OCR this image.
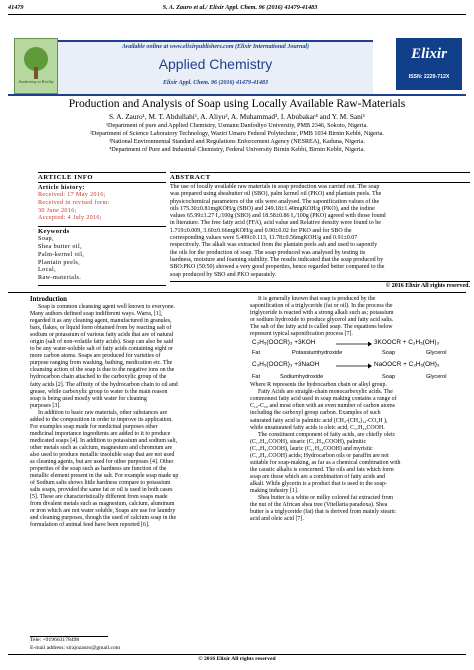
41479	S. A. Zauro et al./ Elixir Appl. Chem. 96 (2016) 41479-41483
Awakening to Reality
Available online at www.elixirpublishers.com (Elixir International Journal)
Applied Chemistry
Elixir Appl. Chem. 96 (2016) 41479-41483
Elixir
ISSN: 2229-712X
Production and Analysis of Soap using Locally Available Raw-Materials
S. A. Zauro¹, M. T. Abdullahi¹, A. Aliyu², A. Muhammad³, I. Abubakar⁴ and Y. M. Sani¹
¹Department of pure and Applied Chemistry, Usmanu Danfodiyo University, PMB 2346, Sokoto, Nigeria.
²Department of Science Laboratory Technology, Waziri Umaru Federal Polytechnic, PMB 1034 Birnin Kebbi, Nigeria.
³National Environmental Standard and Regulations Enforcement Agency (NESREA), Kaduna, Nigeria.
⁴Department of Pure and Industrial Chemistry, Federal University Birnin Kebbi, Birnin Kebbi, Nigeria.
ARTICLE INFO
Article history:
Received: 17 May 2016;
Received in revised form:
30 June 2016;
Accepted: 4 July 2016;
Keywords
Soap,
Shea butter oil,
Palm-kernel oil,
Plantain peels,
Local,
Raw-materials.
ABSTRACT
The use of locally available raw materials in soap production was carried out. The soap
was prepared using sheabutter oil (SBO), palm kernel oil (PKO) and plantain peels. The
physicochemical parameters of the oils were analysed. The saponification values of the
oils 175.30±0.81mgKOH/g (SBO) and 249.18±1.40mgKOH/g (PKO), and the iodine
values 65.99±1.27 I₂/100g (SBO) and 18.58±0.86 I₂/100g (PKO) agreed with those found
in literature. The free fatty acid (FFA), acid value and Relative density were found to be
1.719±0.009, 3.60±0.66mgKOH/g and 0.90±0.02 for PKO and for SBO the
corresponding values were 5.499±0.113, 11.78±0.56mgKOH/g and 0.91±0.07
respectively. The alkali was extracted from the plantain peels ash and used to saponify
the oils for the production of soap. The soap produced was analysed by testing its
hardness, moisture and foaming stability. The results indicated that the soap produced by
SBO:PKO (50:50) showed a very good properties, hence regarded better compared to the
soap produced by SBO and PKO separately.
© 2016 Elixir All rights reserved.
Introduction
Soap is common cleansing agent well known to everyone.
Many authors defined soap indifferent ways. Warra, [1],
regarded it as any cleaning agent, manufactured in granules,
bars, flakes, or liquid form obtained from by reacting salt of
sodium or potassium of various fatty acids that are of natural
origin (salt of non-volatile fatty acids). Soap can also be said
to be any water-soluble salt of fatty acids containing eight or
more carbon atoms. Soaps are produced for varieties of
purpose ranging from washing, bathing, medication etc. The
cleansing action of the soap is due to the negative ions on the
hydrocarbon chain attached to the carboxylic group of the
fatty acids [2]. The affinity of the hydrocarbon chain to oil and
grease, while carboxylic group to water is the main reason
soap is being used mostly with water for cleaning
purposes [3].
In addition to basic raw materials, other substances are
added to the composition in order to improve its application.
For examples soap made for medicinal purposes other
medicinal importance ingredients are added to it to produce
medicated soaps [4]. In addition to potassium and sodium salt,
other metals such as calcium, magnesium and chromium are
also used to produce metallic insoluble soap that are not used
as cleaning agents, but are used for other purposes [4]. Other
properties of the soap such as hardness are function of the
metallic element present in the salt. For example soap made up
of Sodium salts shows little hardness compare to potassium
salts soaps, provided the same fat or oil is used in both cases
[5]. These are characteristically different from soaps made
from divalent metals such as magnesium, calcium, aluminum
or iron which are not water soluble, Soaps are use for laundry
and cleaning purposes, though the used of calcium soap in the
formulation of animal feed have been reported [6].
It is generally known that soap is produced by the
saponification of a triglyceride (fat or oil). In the process the
triglyceride is reacted with a strong alkali such as; potassium
or sodium hydroxide to produce glycerol and fatty acid salts.
The salt of the fatty acid is called soap. The equations below
represent typical saponification process [7].
C₃H₅(OOCR)₃ +3KOH	3KOOCR + C₃H₅(OH)₃
Fat	Potassiumhydroxide	Soap	Glycerol
C₃H₅(OOCR)₃ +3NaOH	NaOOCR + C₃H₅(OH)₃
Fat	Sodiumhydroxide	Soap	Glycerol
Where R represents the hydrocarbon chain or alkyl group.
Fatty Acids are straight-chain monocarboxylic acids. The
commonest fatty acid used in soap making contains a range of
C₁₀-C₂₀ and most often with an even number of carbon atoms
including the carboxyl group carbon. Examples of such
saturated fatty acid is palmitic acid (CH₃-(CH₂)₁₄-CO₂H ),
while unsaturated fatty acids is oleic acid, C₁₇H₃₃COOH.
The constituent component of fatty acids, are chiefly oleic
(C₁₇H₃₃COOH), stearic (C₁₇H₃₅COOH), palmitic
(C₁₅H₃₁COOH), lauric (C₁₁H₂₃COOH) and myristic
(C₁₃H₂₇COOH) acids; Hydrocarbon oils or paraffin are not
suitable for soap-making, as far as a chemical combination with
the caustic alkalis is concerned. The oils and fats which form
soap are those which are a combination of fatty acids and
alkali. While glycerin is a product that is used to the soap-
making industry [1].
Shea butter is a white or milky colored fat extracted from
the nut of the African shea tree (Vitellaria paradoxa). Shea
butter is a triglyceride (fat) that is derived from mainly stearic
acid and oleic acid [7].
Tele: +919663178498
E-mail address: sirajozauro@gmail.com
© 2016 Elixir All rights reserved
